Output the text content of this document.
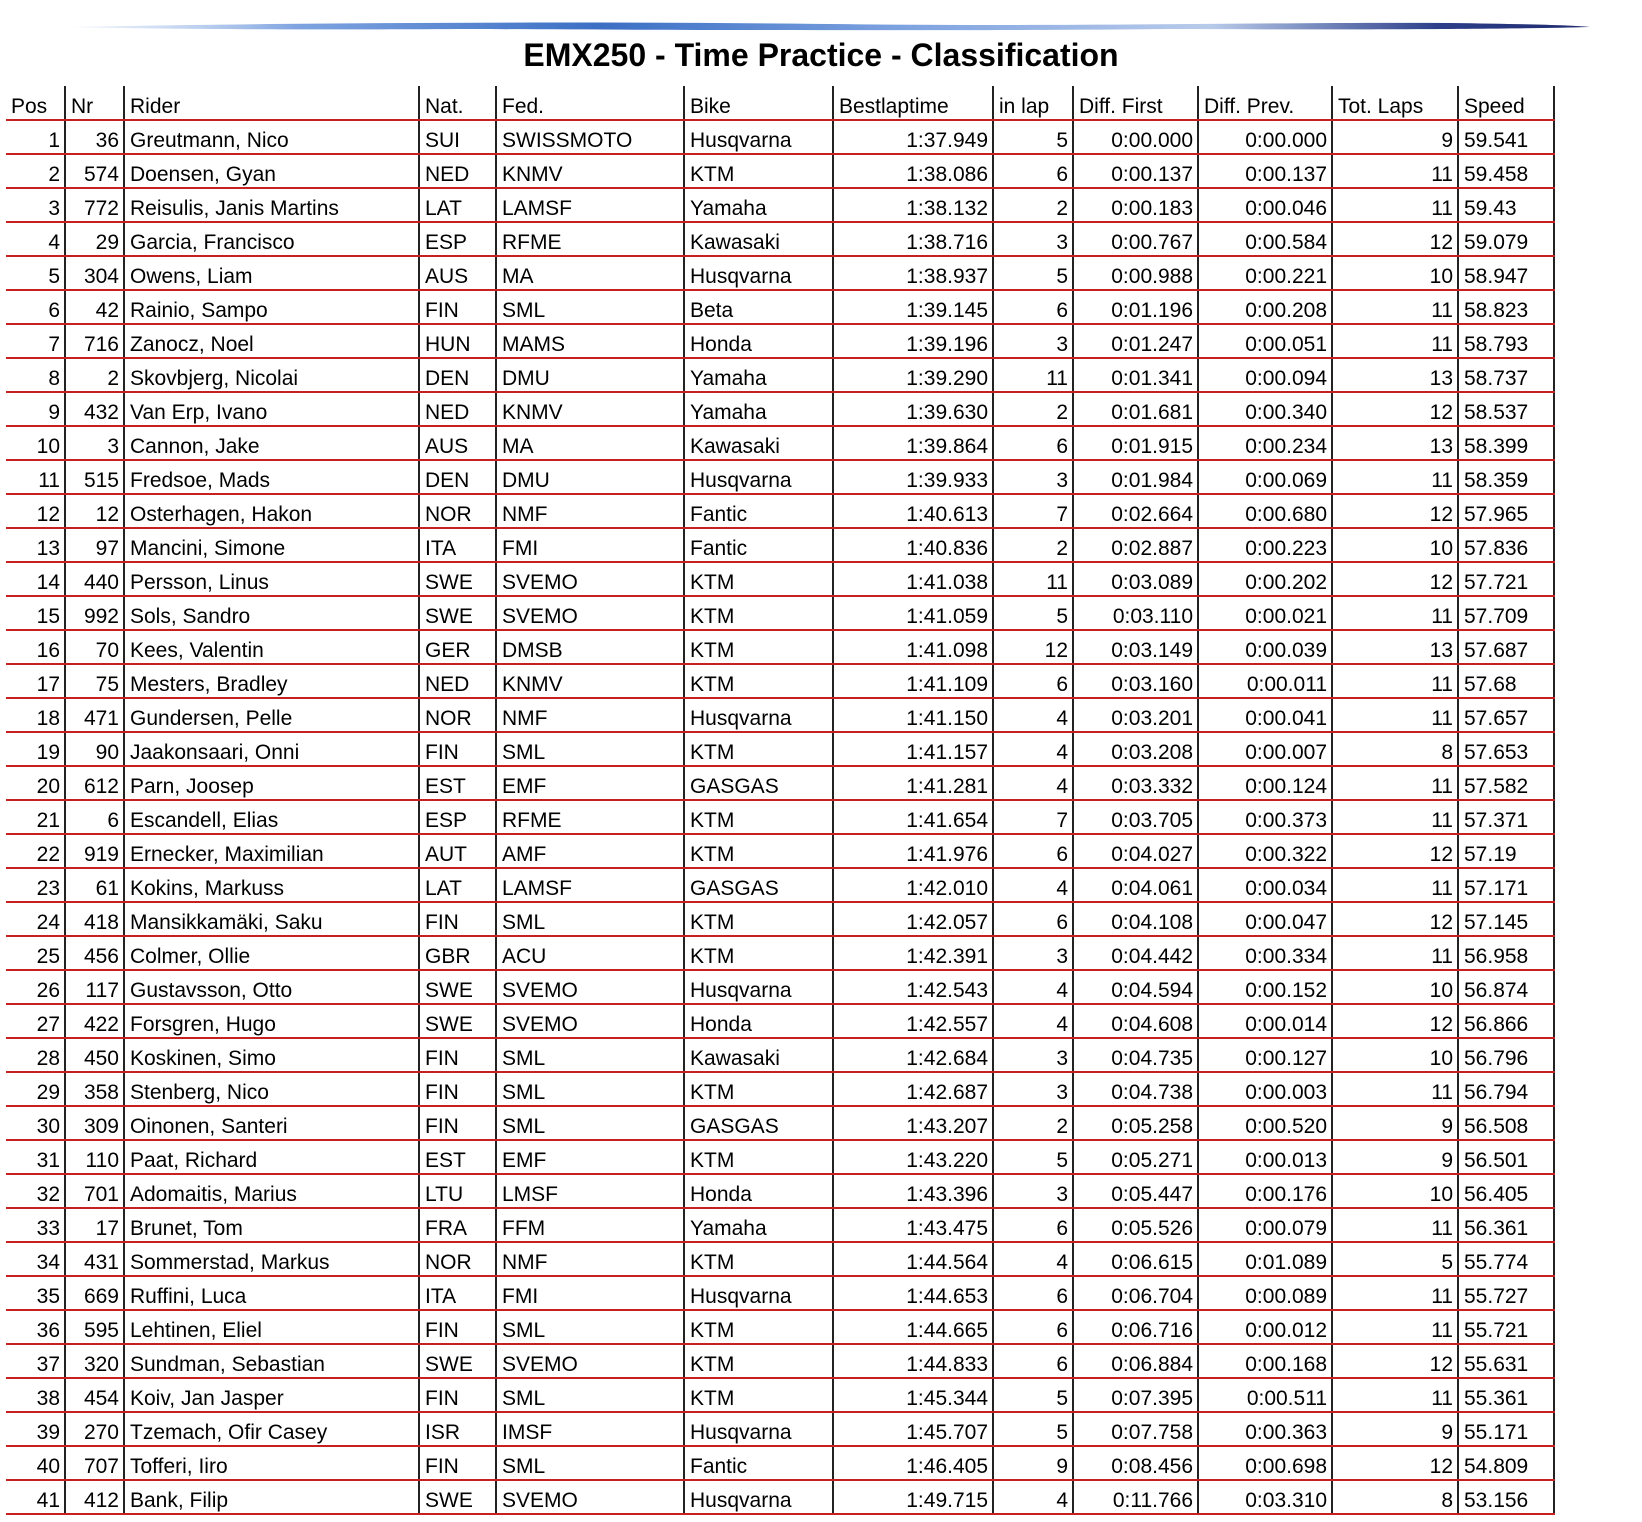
EMX250 - Time Practice - Classification
Pos	Nr	Rider	Nat.	Fed.	Bike	Bestlaptime	in lap	Diff. First	Diff. Prev.	Tot. Laps	Speed
1	36	Greutmann, Nico	SUI	SWISSMOTO	Husqvarna	1:37.949	5	0:00.000	0:00.000	9	59.541
2	574	Doensen, Gyan	NED	KNMV	KTM	1:38.086	6	0:00.137	0:00.137	11	59.458
3	772	Reisulis, Janis Martins	LAT	LAMSF	Yamaha	1:38.132	2	0:00.183	0:00.046	11	59.43
4	29	Garcia, Francisco	ESP	RFME	Kawasaki	1:38.716	3	0:00.767	0:00.584	12	59.079
5	304	Owens, Liam	AUS	MA	Husqvarna	1:38.937	5	0:00.988	0:00.221	10	58.947
6	42	Rainio, Sampo	FIN	SML	Beta	1:39.145	6	0:01.196	0:00.208	11	58.823
7	716	Zanocz, Noel	HUN	MAMS	Honda	1:39.196	3	0:01.247	0:00.051	11	58.793
8	2	Skovbjerg, Nicolai	DEN	DMU	Yamaha	1:39.290	11	0:01.341	0:00.094	13	58.737
9	432	Van Erp, Ivano	NED	KNMV	Yamaha	1:39.630	2	0:01.681	0:00.340	12	58.537
10	3	Cannon, Jake	AUS	MA	Kawasaki	1:39.864	6	0:01.915	0:00.234	13	58.399
11	515	Fredsoe, Mads	DEN	DMU	Husqvarna	1:39.933	3	0:01.984	0:00.069	11	58.359
12	12	Osterhagen, Hakon	NOR	NMF	Fantic	1:40.613	7	0:02.664	0:00.680	12	57.965
13	97	Mancini, Simone	ITA	FMI	Fantic	1:40.836	2	0:02.887	0:00.223	10	57.836
14	440	Persson, Linus	SWE	SVEMO	KTM	1:41.038	11	0:03.089	0:00.202	12	57.721
15	992	Sols, Sandro	SWE	SVEMO	KTM	1:41.059	5	0:03.110	0:00.021	11	57.709
16	70	Kees, Valentin	GER	DMSB	KTM	1:41.098	12	0:03.149	0:00.039	13	57.687
17	75	Mesters, Bradley	NED	KNMV	KTM	1:41.109	6	0:03.160	0:00.011	11	57.68
18	471	Gundersen, Pelle	NOR	NMF	Husqvarna	1:41.150	4	0:03.201	0:00.041	11	57.657
19	90	Jaakonsaari, Onni	FIN	SML	KTM	1:41.157	4	0:03.208	0:00.007	8	57.653
20	612	Parn, Joosep	EST	EMF	GASGAS	1:41.281	4	0:03.332	0:00.124	11	57.582
21	6	Escandell, Elias	ESP	RFME	KTM	1:41.654	7	0:03.705	0:00.373	11	57.371
22	919	Ernecker, Maximilian	AUT	AMF	KTM	1:41.976	6	0:04.027	0:00.322	12	57.19
23	61	Kokins, Markuss	LAT	LAMSF	GASGAS	1:42.010	4	0:04.061	0:00.034	11	57.171
24	418	Mansikkamäki, Saku	FIN	SML	KTM	1:42.057	6	0:04.108	0:00.047	12	57.145
25	456	Colmer, Ollie	GBR	ACU	KTM	1:42.391	3	0:04.442	0:00.334	11	56.958
26	117	Gustavsson, Otto	SWE	SVEMO	Husqvarna	1:42.543	4	0:04.594	0:00.152	10	56.874
27	422	Forsgren, Hugo	SWE	SVEMO	Honda	1:42.557	4	0:04.608	0:00.014	12	56.866
28	450	Koskinen, Simo	FIN	SML	Kawasaki	1:42.684	3	0:04.735	0:00.127	10	56.796
29	358	Stenberg, Nico	FIN	SML	KTM	1:42.687	3	0:04.738	0:00.003	11	56.794
30	309	Oinonen, Santeri	FIN	SML	GASGAS	1:43.207	2	0:05.258	0:00.520	9	56.508
31	110	Paat, Richard	EST	EMF	KTM	1:43.220	5	0:05.271	0:00.013	9	56.501
32	701	Adomaitis, Marius	LTU	LMSF	Honda	1:43.396	3	0:05.447	0:00.176	10	56.405
33	17	Brunet, Tom	FRA	FFM	Yamaha	1:43.475	6	0:05.526	0:00.079	11	56.361
34	431	Sommerstad, Markus	NOR	NMF	KTM	1:44.564	4	0:06.615	0:01.089	5	55.774
35	669	Ruffini, Luca	ITA	FMI	Husqvarna	1:44.653	6	0:06.704	0:00.089	11	55.727
36	595	Lehtinen, Eliel	FIN	SML	KTM	1:44.665	6	0:06.716	0:00.012	11	55.721
37	320	Sundman, Sebastian	SWE	SVEMO	KTM	1:44.833	6	0:06.884	0:00.168	12	55.631
38	454	Koiv, Jan Jasper	FIN	SML	KTM	1:45.344	5	0:07.395	0:00.511	11	55.361
39	270	Tzemach, Ofir Casey	ISR	IMSF	Husqvarna	1:45.707	5	0:07.758	0:00.363	9	55.171
40	707	Tofferi, Iiro	FIN	SML	Fantic	1:46.405	9	0:08.456	0:00.698	12	54.809
41	412	Bank, Filip	SWE	SVEMO	Husqvarna	1:49.715	4	0:11.766	0:03.310	8	53.156
